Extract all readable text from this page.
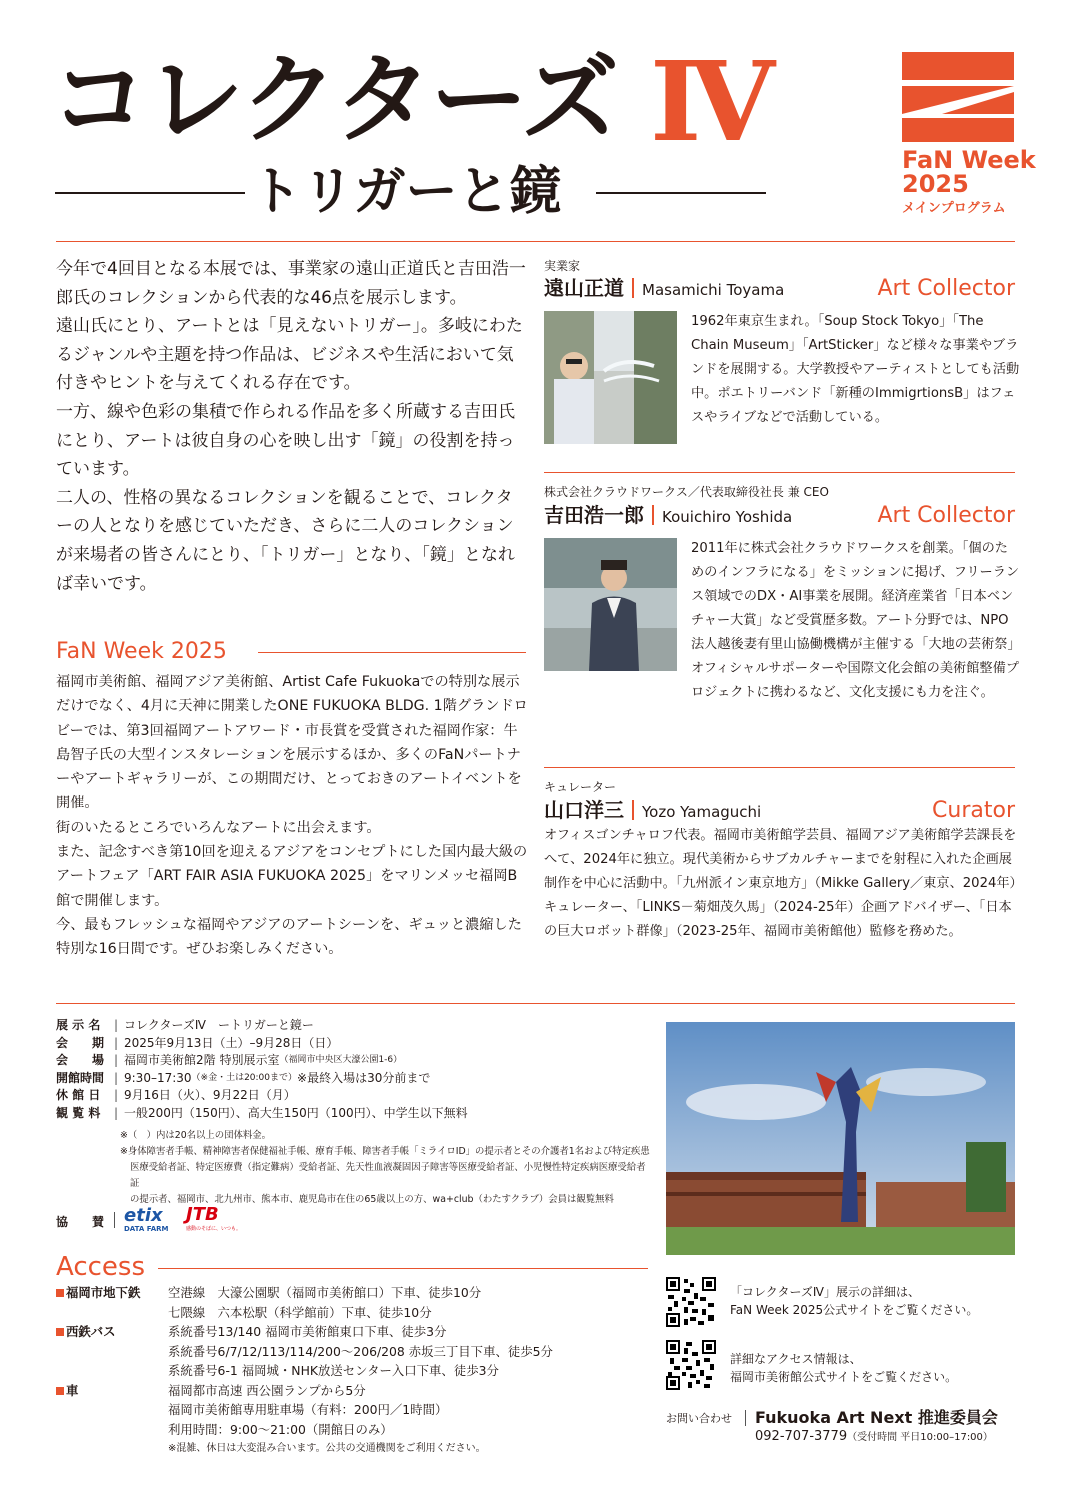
コレクターズ Ⅳ
トリガーと鏡
FaN Week
2025
メインプログラム

今年で4回目となる本展では、事業家の遠山正道氏と吉田浩一郎氏のコレクションから代表的な46点を展示します。

遠山氏にとり、アートとは「見えないトリガー」。多岐にわたるジャンルや主題を持つ作品は、ビジネスや生活において気付きやヒントを与えてくれる存在です。

一方、線や色彩の集積で作られる作品を多く所蔵する吉田氏にとり、アートは彼自身の心を映し出す「鏡」の役割を持っています。

二人の、性格の異なるコレクションを観ることで、コレクターの人となりを感じていただき、さらに二人のコレクションが来場者の皆さんにとり、「トリガー」となり、「鏡」となれば幸いです。

FaN Week 2025

福岡市美術館、福岡アジア美術館、Artist Cafe Fukuokaでの特別な展示だけでなく、4月に天神に開業したONE FUKUOKA BLDG. 1階グランドロビーでは、第3回福岡アートアワード・市長賞を受賞された福岡作家：牛島智子氏の大型インスタレーションを展示するほか、多くのFaNパートナーやアートギャラリーが、この期間だけ、とっておきのアートイベントを開催。

街のいたるところでいろんなアートに出会えます。

また、記念すべき第10回を迎えるアジアをコンセプトにした国内最大級のアートフェア「ART FAIR ASIA FUKUOKA 2025」をマリンメッセ福岡B館で開催します。

今、最もフレッシュな福岡やアジアのアートシーンを、ギュッと濃縮した特別な16日間です。ぜひお楽しみください。

実業家
遠山正道 Masamichi Toyama	Art Collector
1962年東京生まれ。「Soup Stock Tokyo」「The Chain Museum」「ArtSticker」など様々な事業やブランドを展開する。大学教授やアーティストとしても活動中。ポエトリーバンド「新種のImmigrtionsB」はフェスやライブなどで活動している。
株式会社クラウドワークス／代表取締役社長 兼 CEO
吉田浩一郎 Kouichiro Yoshida	Art Collector
2011年に株式会社クラウドワークスを創業。「個のためのインフラになる」をミッションに掲げ、フリーランス領域でのDX・AI事業を展開。経済産業省「日本ベンチャー大賞」など受賞歴多数。アート分野では、NPO法人越後妻有里山協働機構が主催する「大地の芸術祭」オフィシャルサポーターや国際文化会館の美術館整備プロジェクトに携わるなど、文化支援にも力を注ぐ。
キュレーター
山口洋三 Yozo Yamaguchi	Curator
オフィスゴンチャロフ代表。福岡市美術館学芸員、福岡アジア美術館学芸課長をへて、2024年に独立。現代美術からサブカルチャーまでを射程に入れた企画展制作を中心に活動中。「九州派イン東京地方」（Mikke Gallery／東京、2024年）キュレーター、「LINKS－菊畑茂久馬」（2024-25年）企画アドバイザー、「日本の巨大ロボット群像」（2023-25年、福岡市美術館他）監修を務めた。
展 示 名	| コレクターズⅣ　ートリガーと鏡ー
会　　期 | 2025年9月13日（土）–9月28日（日）
会　　場 | 福岡市美術館2階 特別展示室 （福岡市中央区大濠公園1-6）
開館時間 | 9:30–17:30 （※金・土は20:00まで） ※最終入場は30分前まで
休 館 日	| 9月16日（火）、9月22日（月）
観 覧 料	| 一般200円（150円）、高大生150円（100円）、中学生以下無料
※（　）内は20名以上の団体料金。
※身体障害者手帳、精神障害者保健福祉手帳、療育手帳、障害者手帳「ミライロID」の提示者とその介護者1名および特定疾患
医療受給者証、特定医療費（指定難病）受給者証、先天性血液凝固因子障害等医療受給者証、小児慢性特定疾病医療受給者証
の提示者、福岡市、北九州市、熊本市、鹿児島市在住の65歳以上の方、wa+club（わたすクラブ）会員は観覧無料
協　　賛 etix
DATA FARM
JTB
感動のそばに、いつも。
Access
福岡市地下鉄	空港線　大濠公園駅（福岡市美術館口）下車、徒歩10分
七隈線　六本松駅（科学館前）下車、徒歩10分
西鉄バス	系統番号13/140 福岡市美術館東口下車、徒歩3分
系統番号6/7/12/113/114/200〜206/208 赤坂三丁目下車、徒歩5分
系統番号6-1 福岡城・NHK放送センター入口下車、徒歩3分
車	福岡都市高速 西公園ランプから5分
福岡市美術館専用駐車場（有料：200円／1時間）
利用時間：9:00〜21:00（開館日のみ）
※混雑、休日は大変混み合います。公共の交通機関をご利用ください。
「コレクターズⅣ」展示の詳細は、
FaN Week 2025公式サイトをご覧ください。
詳細なアクセス情報は、
福岡市美術館公式サイトをご覧ください。
お問い合わせ Fukuoka Art Next 推進委員会
092-707-3779（受付時間 平日10:00–17:00）
